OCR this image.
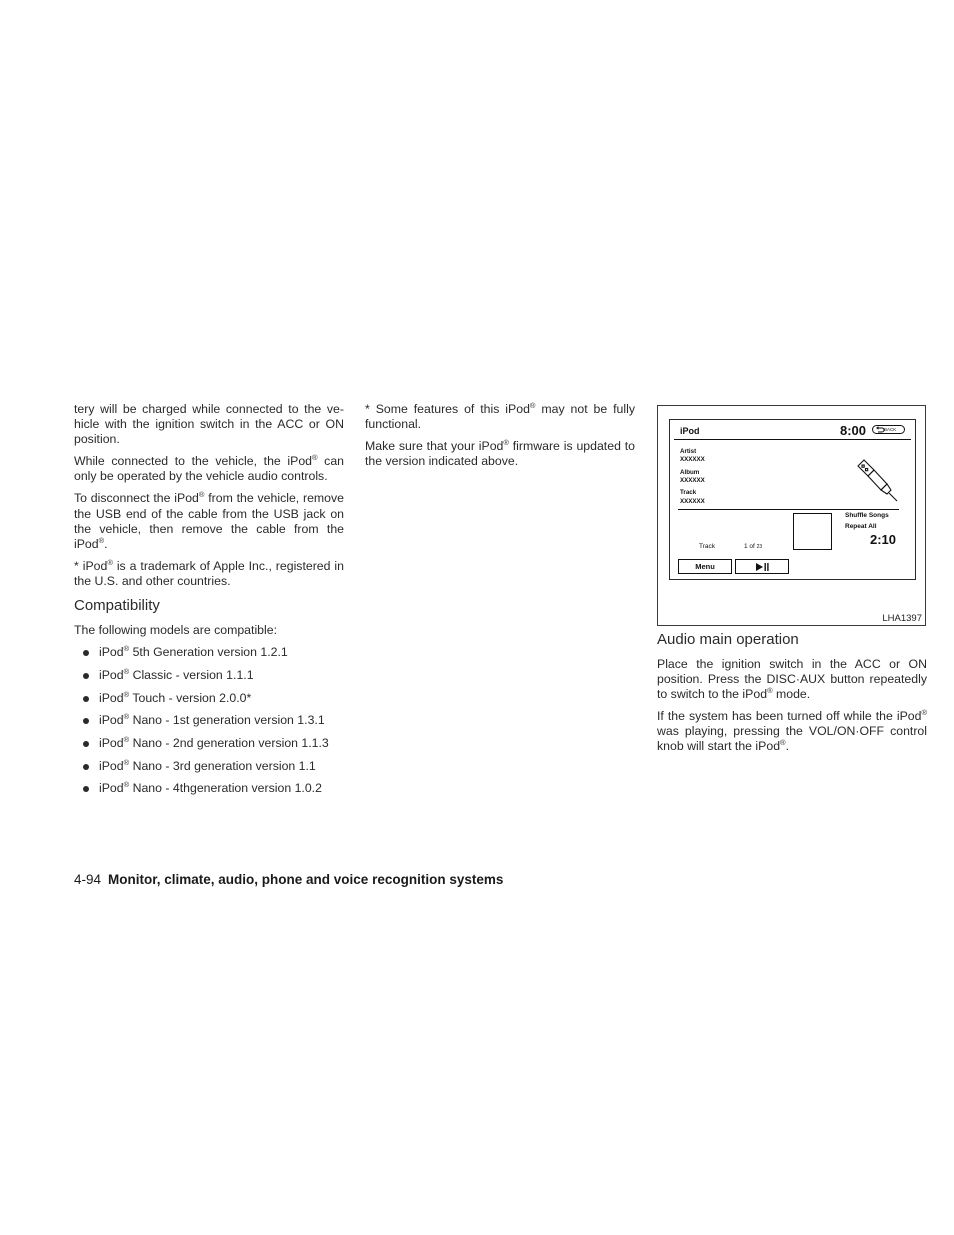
tery will be charged while connected to the ve-hicle with the ignition switch in the ACC or ON position.

While connected to the vehicle, the iPod® can only be operated by the vehicle audio controls.

To disconnect the iPod® from the vehicle, remove the USB end of the cable from the USB jack on the vehicle, then remove the cable from the iPod®.

* iPod® is a trademark of Apple Inc., registered in the U.S. and other countries.

Compatibility

The following models are compatible:

iPod® 5th Generation version 1.2.1
iPod® Classic - version 1.1.1
iPod® Touch - version 2.0.0*
iPod® Nano - 1st generation version 1.3.1
iPod® Nano - 2nd generation version 1.1.3
iPod® Nano - 3rd generation version 1.1
iPod® Nano - 4thgeneration version 1.0.2

* Some features of this iPod® may not be fully functional.

Make sure that your iPod® firmware is updated to the version indicated above.

iPod	8:00	BACK
Artist
XXXXXX
Album
XXXXXX
Track
XXXXXX
Shuffle Songs
Repeat All
2:10
Track	1 of 23
Menu
LHA1397
Audio main operation

Place the ignition switch in the ACC or ON position. Press the DISC·AUX button repeatedly to switch to the iPod® mode.

If the system has been turned off while the iPod® was playing, pressing the VOL/ON·OFF control knob will start the iPod®.

4-94 Monitor, climate, audio, phone and voice recognition systems
